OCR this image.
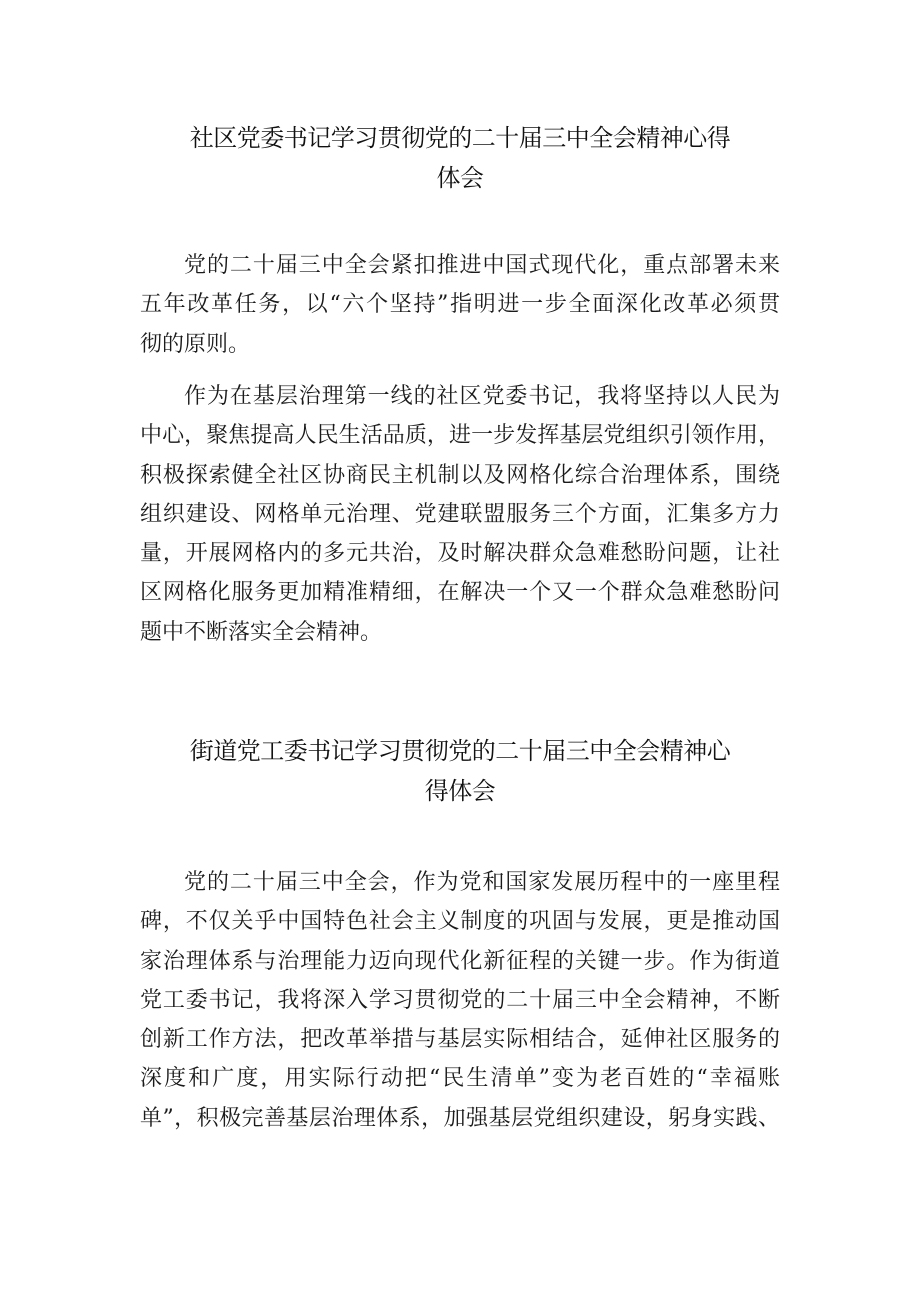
社区党委书记学习贯彻党的二十届三中全会精神心得
体会
党的二十届三中全会紧扣推进中国式现代化，重点部署未来
五年改革任务，以“六个坚持”指明进一步全面深化改革必须贯
彻的原则。
作为在基层治理第一线的社区党委书记，我将坚持以人民为
中心，聚焦提高人民生活品质，进一步发挥基层党组织引领作用，
积极探索健全社区协商民主机制以及网格化综合治理体系，围绕
组织建设、网格单元治理、党建联盟服务三个方面，汇集多方力
量，开展网格内的多元共治，及时解决群众急难愁盼问题，让社
区网格化服务更加精准精细，在解决一个又一个群众急难愁盼问
题中不断落实全会精神。
街道党工委书记学习贯彻党的二十届三中全会精神心
得体会
党的二十届三中全会，作为党和国家发展历程中的一座里程
碑，不仅关乎中国特色社会主义制度的巩固与发展，更是推动国
家治理体系与治理能力迈向现代化新征程的关键一步。作为街道
党工委书记，我将深入学习贯彻党的二十届三中全会精神，不断
创新工作方法，把改革举措与基层实际相结合，延伸社区服务的
深度和广度，用实际行动把“民生清单”变为老百姓的“幸福账
单”，积极完善基层治理体系，加强基层党组织建设，躬身实践、
